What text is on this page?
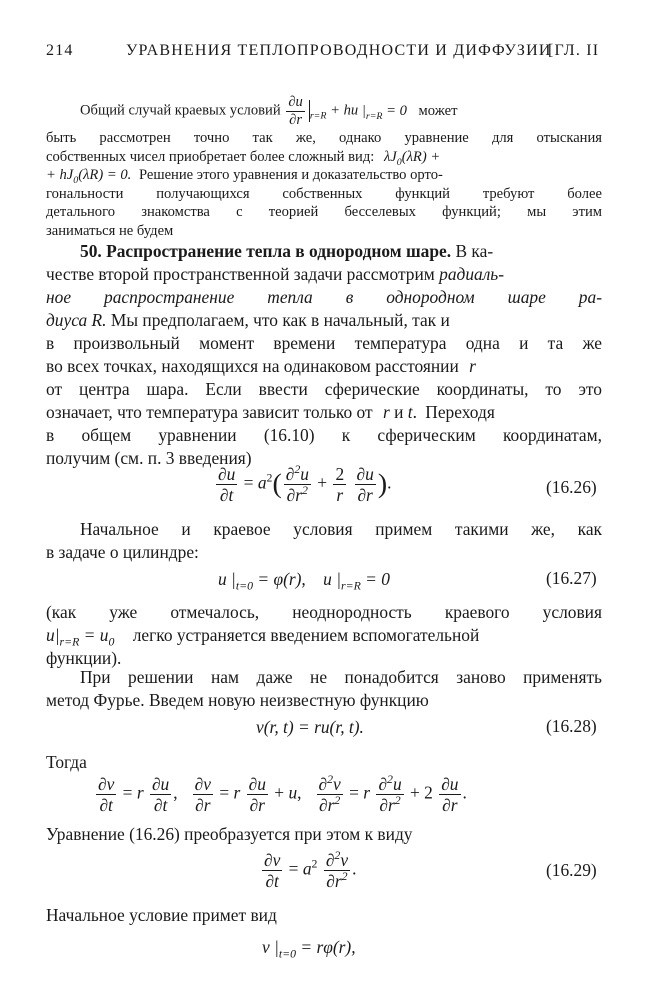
214	УРАВНЕНИЯ ТЕПЛОПРОВОДНОСТИ И ДИФФУЗИИ
[ГЛ. II
Общий случай краевых условий $\frac{\partial u}{\partial r} _{r=R}$ + hu $|_{r=R} = 0$ может
быть рассмотрен точно так же, однако уравнение для отыскания
собственных чисел приобретает более сложный вид: $\lambda J_0(\lambda R)$ +
+ $hJ_0(\lambda R) = 0$. Решение этого уравнения и доказательство орто-
гональности получающихся собственных функций требуют более
детального знакомства с теорией бесселевых функций; мы этим
заниматься не будем
50. Распространение тепла в однородном шаре. В ка-
честве второй пространственной задачи рассмотрим радиаль-
ное распространение тепла в однородном шаре ра-
диуса R. Мы предполагаем, что как в начальный, так и
в произвольный момент времени температура одна и та же
во всех точках, находящихся на одинаковом расстоянии r
от центра шара. Если ввести сферические координаты, то это
означает, что температура зависит только от r и t. Переходя
в общем уравнении (16.10) к сферическим координатам,
получим (см. п. 3 введения)
$\frac{\partial u}{\partial t} = a^2( \frac{\partial^2u}{\partial r^2} + \frac{2}{r}$
$\frac{\partial u}{\partial r}$ ).	(16.26)
Начальное и краевое условия примем такими же, как
в задаче о цилиндре:
u $|_{t=0} = \varphi(r)$,    u $|_{r=R} = 0$	(16.27)
(как уже отмечалось, неоднородность краевого условия
$u|_{r=R} = u_0$ легко устраняется введением вспомогательной
функции).
При решении нам даже не понадобится заново применять
метод Фурье. Введем новую неизвестную функцию
v(r, t) = ru(r, t).	(16.28)
Тогда
$\frac{\partial v}{\partial t} = r \frac{\partial u}{\partial t}$ , $\frac{\partial v}{\partial r} = r \frac{\partial u}{\partial r} + u$, $\frac{\partial^2v}{\partial r^2} = r \frac{\partial^2u}{\partial r^2} + 2 \frac{\partial u}{\partial r}$ .
Уравнение (16.26) преобразуется при этом к виду
$\frac{\partial v}{\partial t} = a^2 \frac{\partial^2v}{\partial r^2}$ .	(16.29)
Начальное условие примет вид
v $|_{t=0} = r\varphi(r)$,
